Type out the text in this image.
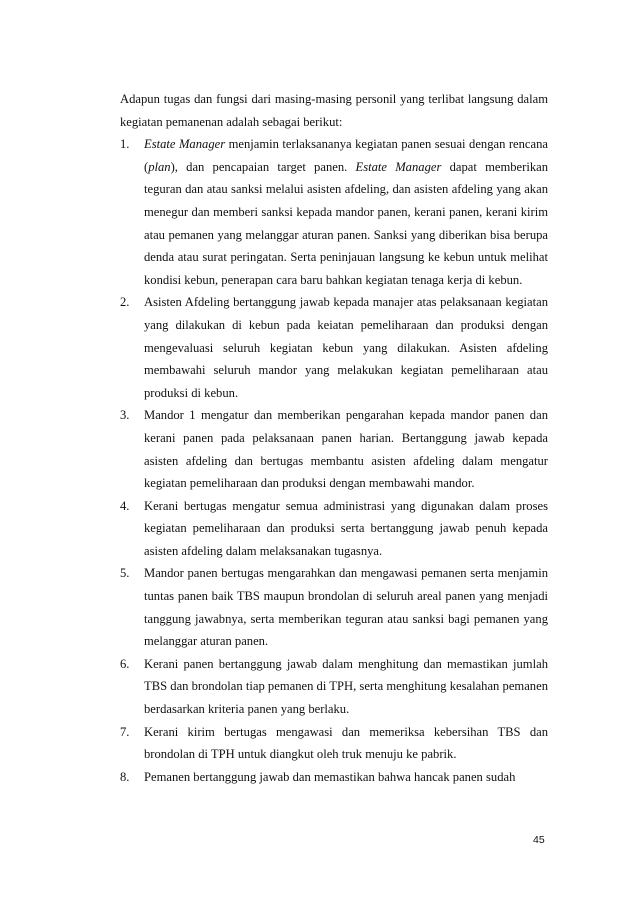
Adapun tugas dan fungsi dari masing-masing personil yang terlibat langsung dalam kegiatan pemanenan adalah sebagai berikut:

1. Estate Manager menjamin terlaksananya kegiatan panen sesuai dengan rencana (plan), dan pencapaian target panen. Estate Manager dapat memberikan teguran dan atau sanksi melalui asisten afdeling, dan asisten afdeling yang akan menegur dan memberi sanksi kepada mandor panen, kerani panen, kerani kirim atau pemanen yang melanggar aturan panen. Sanksi yang diberikan bisa berupa denda atau surat peringatan. Serta peninjauan langsung ke kebun untuk melihat kondisi kebun, penerapan cara baru bahkan kegiatan tenaga kerja di kebun.
2. Asisten Afdeling bertanggung jawab kepada manajer atas pelaksanaan kegiatan yang dilakukan di kebun pada keiatan pemeliharaan dan produksi dengan mengevaluasi seluruh kegiatan kebun yang dilakukan. Asisten afdeling membawahi seluruh mandor yang melakukan kegiatan pemeliharaan atau produksi di kebun.
3. Mandor 1 mengatur dan memberikan pengarahan kepada mandor panen dan kerani panen pada pelaksanaan panen harian. Bertanggung jawab kepada asisten afdeling dan bertugas membantu asisten afdeling dalam mengatur kegiatan pemeliharaan dan produksi dengan membawahi mandor.
4. Kerani bertugas mengatur semua administrasi yang digunakan dalam proses kegiatan pemeliharaan dan produksi serta bertanggung jawab penuh kepada asisten afdeling dalam melaksanakan tugasnya.
5. Mandor panen bertugas mengarahkan dan mengawasi pemanen serta menjamin tuntas panen baik TBS maupun brondolan di seluruh areal panen yang menjadi tanggung jawabnya, serta memberikan teguran atau sanksi bagi pemanen yang melanggar aturan panen.
6. Kerani panen bertanggung jawab dalam menghitung dan memastikan jumlah TBS dan brondolan tiap pemanen di TPH, serta menghitung kesalahan pemanen berdasarkan kriteria panen yang berlaku.
7. Kerani kirim bertugas mengawasi dan memeriksa kebersihan TBS dan brondolan di TPH untuk diangkut oleh truk menuju ke pabrik.
8. Pemanen bertanggung jawab dan memastikan bahwa hancak panen sudah
45
